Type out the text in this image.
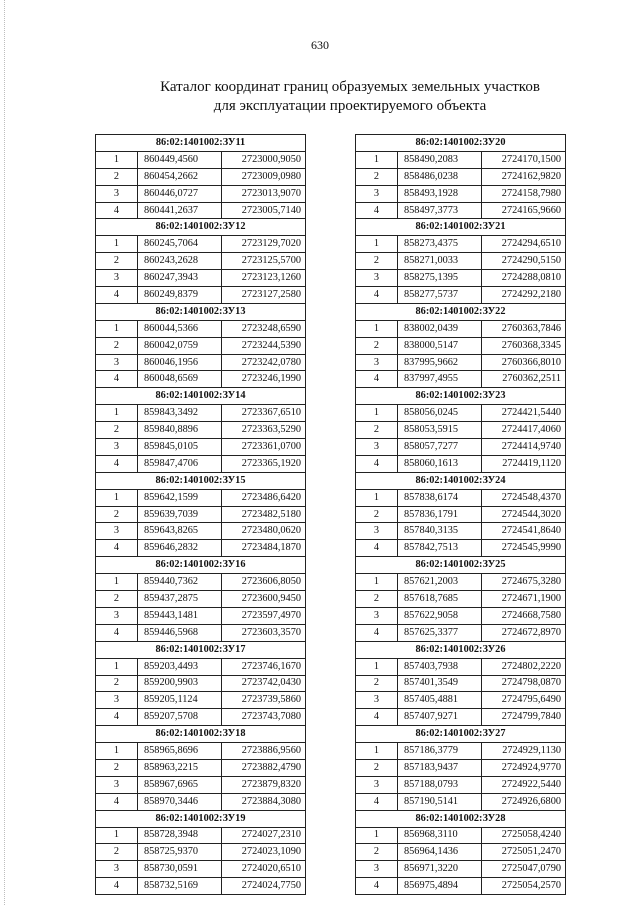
630
Каталог координат границ образуемых земельных участков
для эксплуатации проектируемого объекта
86:02:1401002:ЗУ11		
1	860449,4560	2723000,9050
2	860454,2662	2723009,0980
3	860446,0727	2723013,9070
4	860441,2637	2723005,7140
86:02:1401002:ЗУ12		
1	860245,7064	2723129,7020
2	860243,2628	2723125,5700
3	860247,3943	2723123,1260
4	860249,8379	2723127,2580
86:02:1401002:ЗУ13		
1	860044,5366	2723248,6590
2	860042,0759	2723244,5390
3	860046,1956	2723242,0780
4	860048,6569	2723246,1990
86:02:1401002:ЗУ14		
1	859843,3492	2723367,6510
2	859840,8896	2723363,5290
3	859845,0105	2723361,0700
4	859847,4706	2723365,1920
86:02:1401002:ЗУ15		
1	859642,1599	2723486,6420
2	859639,7039	2723482,5180
3	859643,8265	2723480,0620
4	859646,2832	2723484,1870
86:02:1401002:ЗУ16		
1	859440,7362	2723606,8050
2	859437,2875	2723600,9450
3	859443,1481	2723597,4970
4	859446,5968	2723603,3570
86:02:1401002:ЗУ17		
1	859203,4493	2723746,1670
2	859200,9903	2723742,0430
3	859205,1124	2723739,5860
4	859207,5708	2723743,7080
86:02:1401002:ЗУ18		
1	858965,8696	2723886,9560
2	858963,2215	2723882,4790
3	858967,6965	2723879,8320
4	858970,3446	2723884,3080
86:02:1401002:ЗУ19		
1	858728,3948	2724027,2310
2	858725,9370	2724023,1090
3	858730,0591	2724020,6510
4	858732,5169	2724024,7750
86:02:1401002:ЗУ20		
1	858490,2083	2724170,1500
2	858486,0238	2724162,9820
3	858493,1928	2724158,7980
4	858497,3773	2724165,9660
86:02:1401002:ЗУ21		
1	858273,4375	2724294,6510
2	858271,0033	2724290,5150
3	858275,1395	2724288,0810
4	858277,5737	2724292,2180
86:02:1401002:ЗУ22		
1	838002,0439	2760363,7846
2	838000,5147	2760368,3345
3	837995,9662	2760366,8010
4	837997,4955	2760362,2511
86:02:1401002:ЗУ23		
1	858056,0245	2724421,5440
2	858053,5915	2724417,4060
3	858057,7277	2724414,9740
4	858060,1613	2724419,1120
86:02:1401002:ЗУ24		
1	857838,6174	2724548,4370
2	857836,1791	2724544,3020
3	857840,3135	2724541,8640
4	857842,7513	2724545,9990
86:02:1401002:ЗУ25		
1	857621,2003	2724675,3280
2	857618,7685	2724671,1900
3	857622,9058	2724668,7580
4	857625,3377	2724672,8970
86:02:1401002:ЗУ26		
1	857403,7938	2724802,2220
2	857401,3549	2724798,0870
3	857405,4881	2724795,6490
4	857407,9271	2724799,7840
86:02:1401002:ЗУ27		
1	857186,3779	2724929,1130
2	857183,9437	2724924,9770
3	857188,0793	2724922,5440
4	857190,5141	2724926,6800
86:02:1401002:ЗУ28		
1	856968,3110	2725058,4240
2	856964,1436	2725051,2470
3	856971,3220	2725047,0790
4	856975,4894	2725054,2570
